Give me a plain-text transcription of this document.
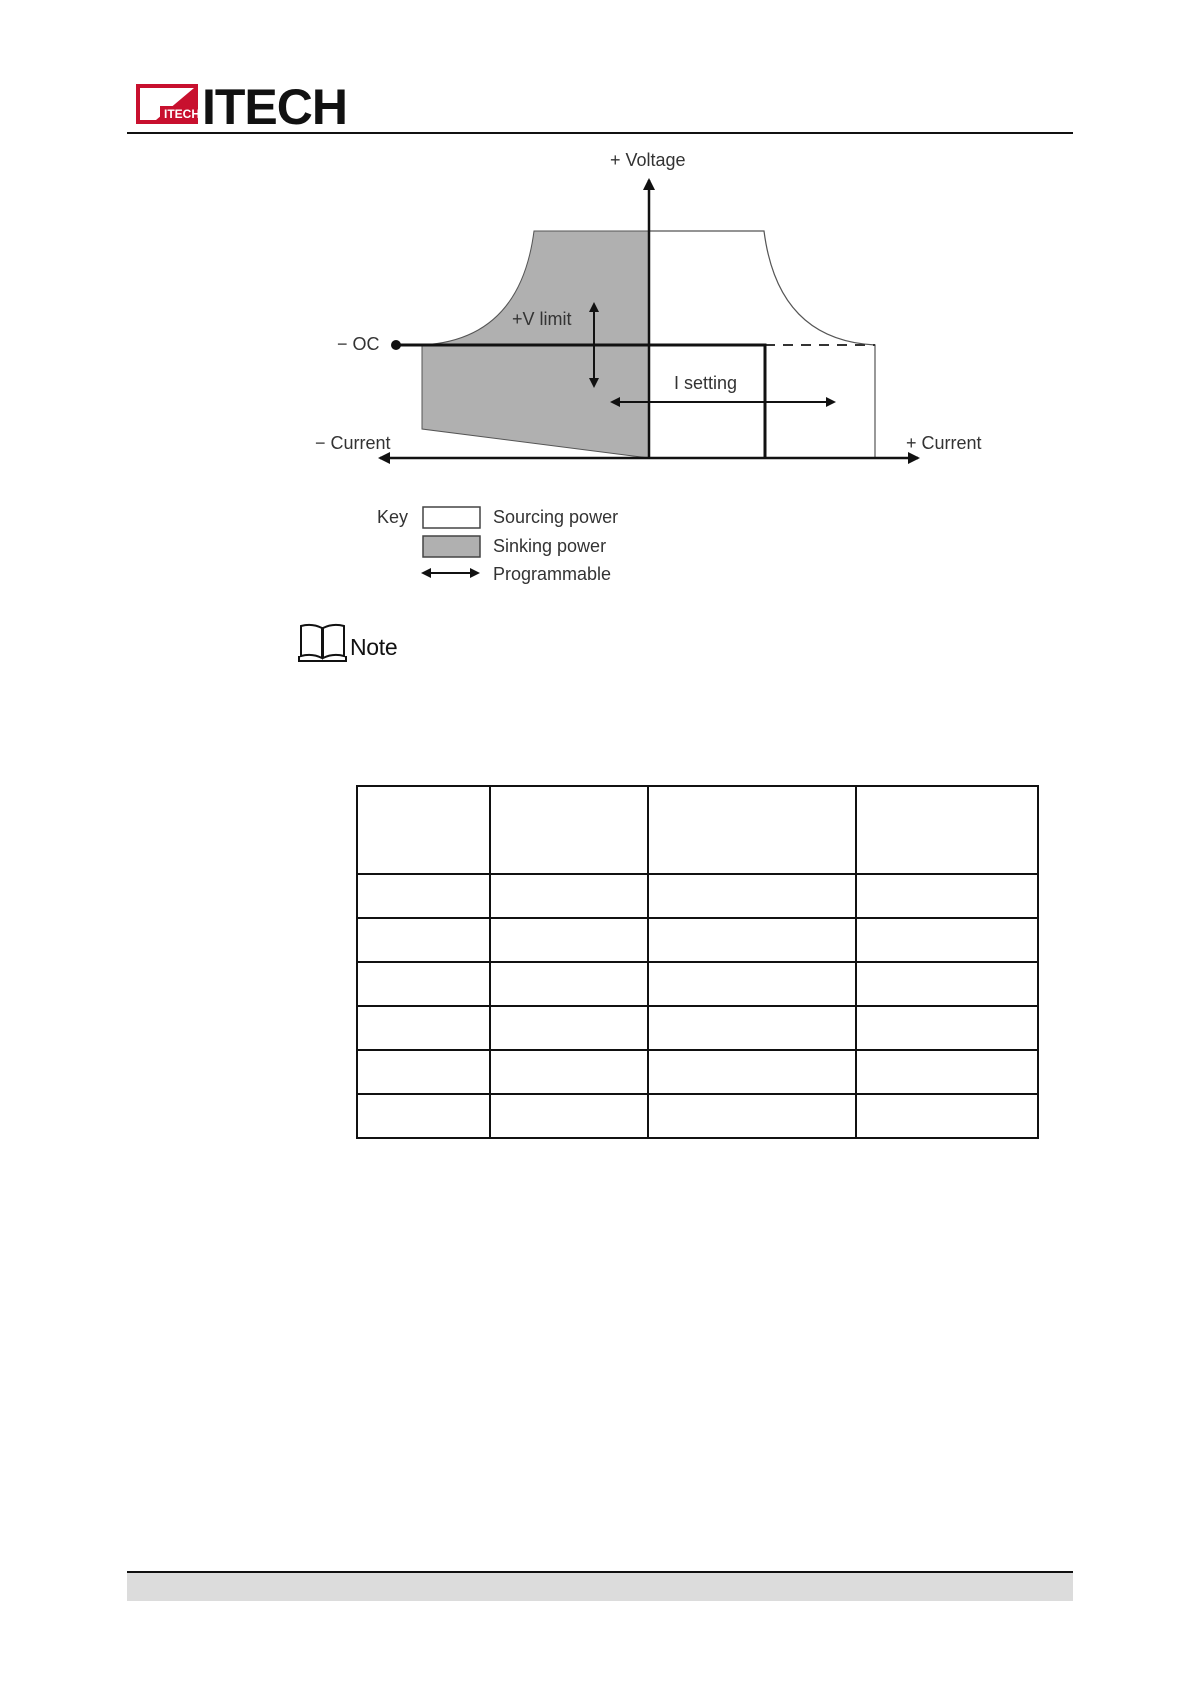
ITECH ITECH
+ Voltage
− OC
+V limit
I setting
− Current	+ Current
Key	Sourcing power
Sinking power
Programmable
Note
